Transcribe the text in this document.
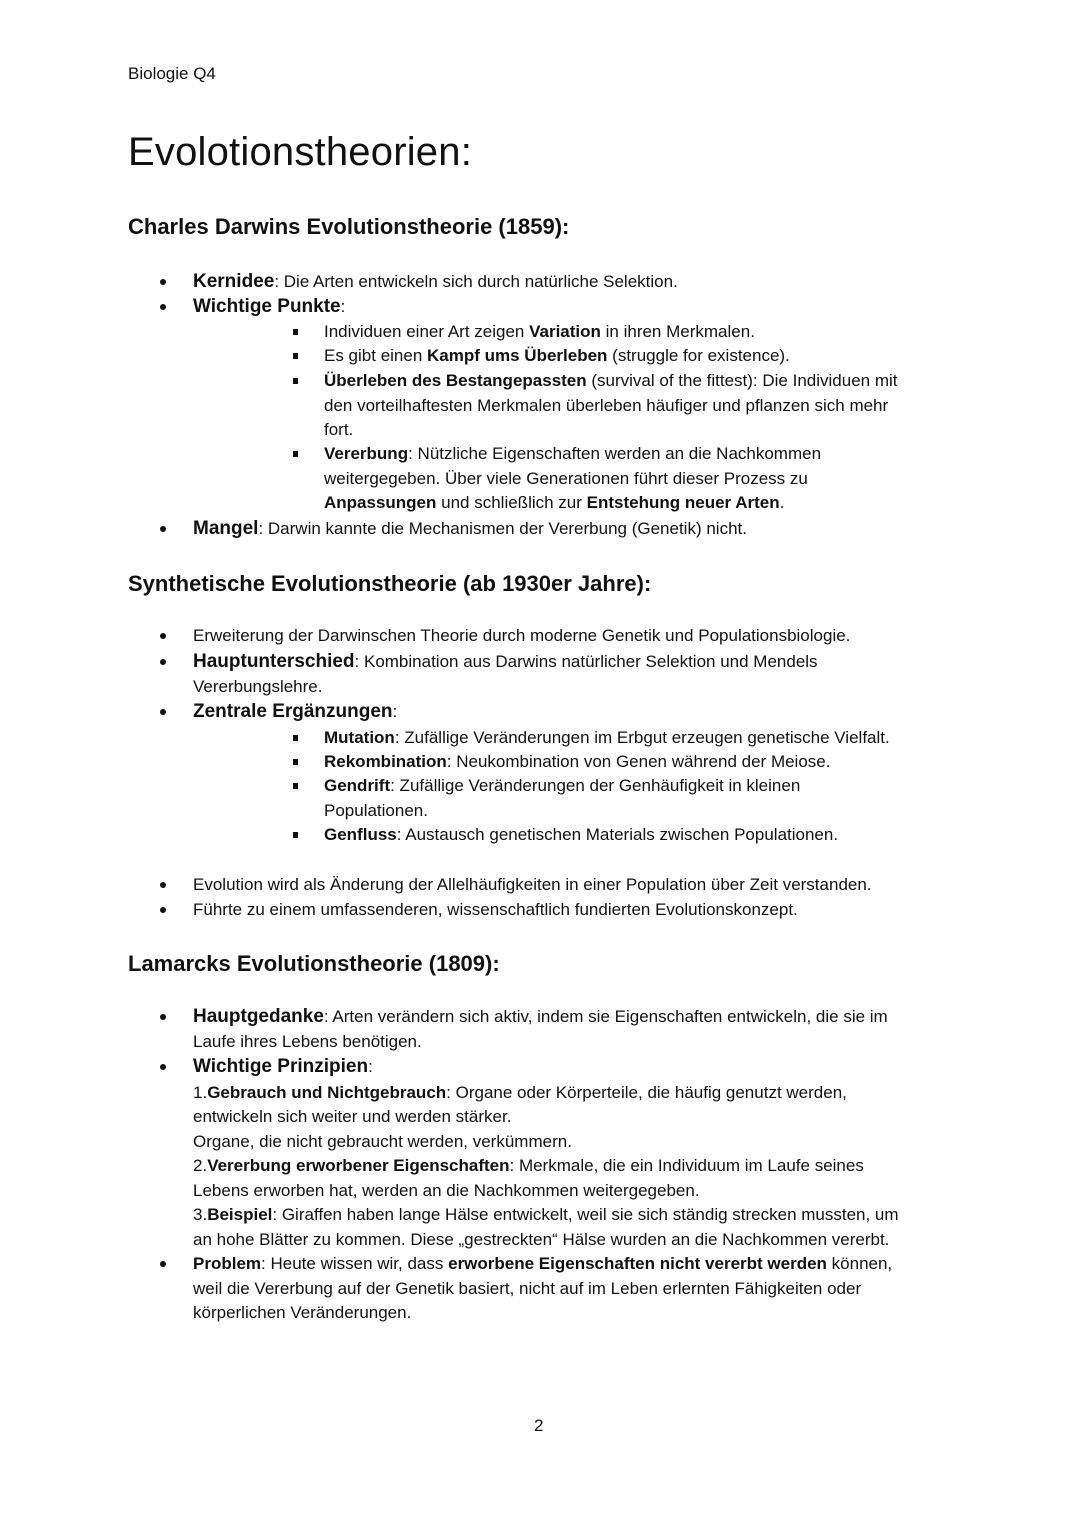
Biologie Q4
Evolotionstheorien:
Charles Darwins Evolutionstheorie (1859):
Kernidee: Die Arten entwickeln sich durch natürliche Selektion.
Wichtige Punkte:
Individuen einer Art zeigen Variation in ihren Merkmalen.
Es gibt einen Kampf ums Überleben (struggle for existence).
Überleben des Bestangepassten (survival of the fittest): Die Individuen mit
den vorteilhaftesten Merkmalen überleben häufiger und pflanzen sich mehr
fort.
Vererbung: Nützliche Eigenschaften werden an die Nachkommen
weitergegeben. Über viele Generationen führt dieser Prozess zu
Anpassungen und schließlich zur Entstehung neuer Arten.
Mangel: Darwin kannte die Mechanismen der Vererbung (Genetik) nicht.
Synthetische Evolutionstheorie (ab 1930er Jahre):
Erweiterung der Darwinschen Theorie durch moderne Genetik und Populationsbiologie.
Hauptunterschied: Kombination aus Darwins natürlicher Selektion und Mendels
Vererbungslehre.
Zentrale Ergänzungen:
Mutation: Zufällige Veränderungen im Erbgut erzeugen genetische Vielfalt.
Rekombination: Neukombination von Genen während der Meiose.
Gendrift: Zufällige Veränderungen der Genhäufigkeit in kleinen
Populationen.
Genfluss: Austausch genetischen Materials zwischen Populationen.
Evolution wird als Änderung der Allelhäufigkeiten in einer Population über Zeit verstanden.
Führte zu einem umfassenderen, wissenschaftlich fundierten Evolutionskonzept.
Lamarcks Evolutionstheorie (1809):
Hauptgedanke: Arten verändern sich aktiv, indem sie Eigenschaften entwickeln, die sie im
Laufe ihres Lebens benötigen.
Wichtige Prinzipien:
1.Gebrauch und Nichtgebrauch: Organe oder Körperteile, die häufig genutzt werden,
entwickeln sich weiter und werden stärker.
Organe, die nicht gebraucht werden, verkümmern.
2.Vererbung erworbener Eigenschaften: Merkmale, die ein Individuum im Laufe seines
Lebens erworben hat, werden an die Nachkommen weitergegeben.
3.Beispiel: Giraffen haben lange Hälse entwickelt, weil sie sich ständig strecken mussten, um
an hohe Blätter zu kommen. Diese „gestreckten“ Hälse wurden an die Nachkommen vererbt.
Problem: Heute wissen wir, dass erworbene Eigenschaften nicht vererbt werden können,
weil die Vererbung auf der Genetik basiert, nicht auf im Leben erlernten Fähigkeiten oder
körperlichen Veränderungen.
2
